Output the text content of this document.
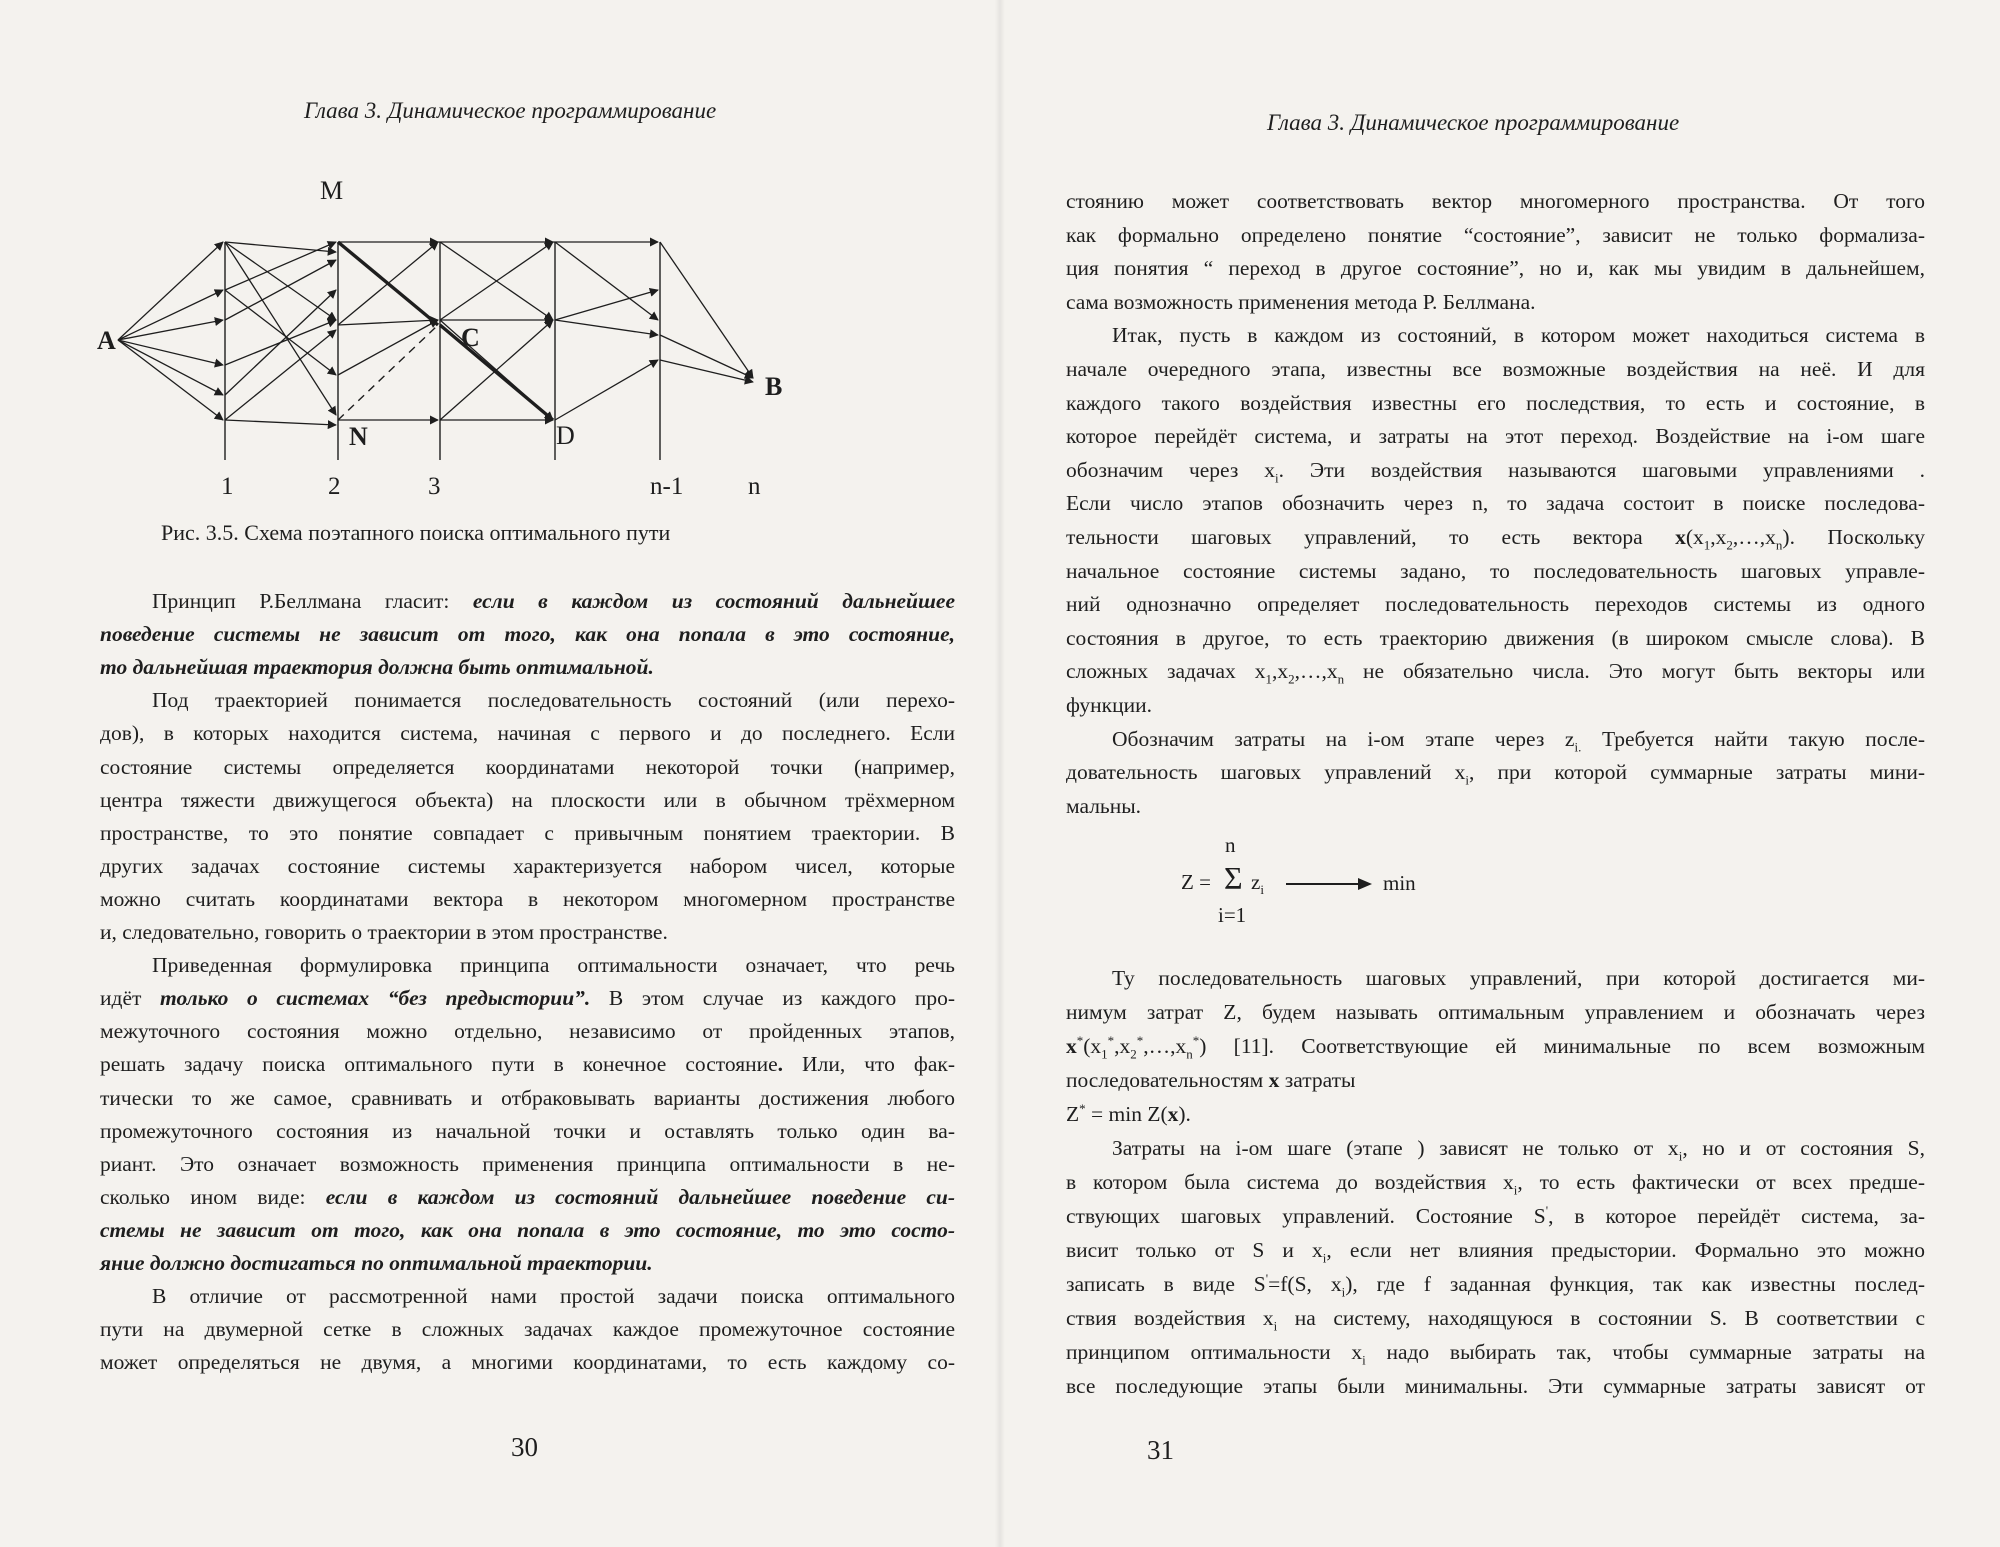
Глава 3. Динамическое программирование
M
A	C
B
N	D
1	2	3	n-1	n
Рис. 3.5. Схема поэтапного поиска оптимального пути
Принцип Р.Беллмана гласит: если в каждом из состояний дальнейшее
поведение системы не зависит от того, как она попала в это состояние,
то дальнейшая траектория должна быть оптимальной.
Под траекторией понимается последовательность состояний (или перехо-
дов), в которых находится система, начиная с первого и до последнего. Если
состояние системы определяется координатами некоторой точки (например,
центра тяжести движущегося объекта) на плоскости или в обычном трёхмерном
пространстве, то это понятие совпадает с привычным понятием траектории. В
других задачах состояние системы характеризуется набором чисел, которые
можно считать координатами вектора в некотором многомерном пространстве
и, следовательно, говорить о траектории в этом пространстве.
Приведенная формулировка принципа оптимальности означает, что речь
идёт только о системах “без предыстории”. В этом случае из каждого про-
межуточного состояния можно отдельно, независимо от пройденных этапов,
решать задачу поиска оптимального пути в конечное состояние. Или, что фак-
тически то же самое, сравнивать и отбраковывать варианты достижения любого
промежуточного состояния из начальной точки и оставлять только один ва-
риант. Это означает возможность применения принципа оптимальности в не-
сколько ином виде: если в каждом из состояний дальнейшее поведение си-
стемы не зависит от того, как она попала в это состояние, то это состо-
яние должно достигаться по оптимальной траектории.
В отличие от рассмотренной нами простой задачи поиска оптимального
пути на двумерной сетке в сложных задачах каждое промежуточное состояние
может определяться не двумя, а многими координатами, то есть каждому со-
30
Глава 3. Динамическое программирование
стоянию может соответствовать вектор многомерного пространства. От того
как формально определено понятие “состояние”, зависит не только формализа-
ция понятия “ переход в другое состояние”, но и, как мы увидим в дальнейшем,
сама возможность применения метода Р. Беллмана.
Итак, пусть в каждом из состояний, в котором может находиться система в
начале очередного этапа, известны все возможные воздействия на неё. И для
каждого такого воздействия известны его последствия, то есть и состояние, в
которое перейдёт система, и затраты на этот переход. Воздействие на i-ом шаге
обозначим через $x_i$. Эти воздействия называются шаговыми управлениями .
Если число этапов обозначить через n, то задача состоит в поиске последова-
тельности шаговых управлений, то есть вектора $x(x_1,x_2,\dots,x_n)$. Поскольку
начальное состояние системы задано, то последовательность шаговых управле-
ний однозначно определяет последовательность переходов системы из одного
состояния в другое, то есть траекторию движения (в широком смысле слова). В
сложных задачах $x_1,x_2,\dots,x_n$ не обязательно числа. Это могут быть векторы или
функции.
Обозначим затраты на i-ом этапе через $z_{i.}$ Требуется найти такую после-
довательность шаговых управлений $x_i$, при которой суммарные затраты мини-
мальны.
n
Z = Σ $z_i$	min
i=1
Ту последовательность шаговых управлений, при которой достигается ми-
нимум затрат Z, будем называть оптимальным управлением и обозначать через
$x^*(x_1^*,x_2^*,\dots,x_n^*)$ [11]. Соответствующие ей минимальные по всем возможным
последовательностям x затраты
Z* = min Z(x).
Затраты на i-ом шаге (этапе ) зависят не только от $x_i$, но и от состояния S,
в котором была система до воздействия $x_i$, то есть фактически от всех предше-
ствующих шаговых управлений. Состояние S', в которое перейдёт система, за-
висит только от S и $x_i$, если нет влияния предыстории. Формально это можно
записать в виде S'=f(S, $x_i$), где f заданная функция, так как известны послед-
ствия воздействия $x_i$ на систему, находящуюся в состоянии S. В соответствии с
принципом оптимальности $x_i$ надо выбирать так, чтобы суммарные затраты на
все последующие этапы были минимальны. Эти суммарные затраты зависят от
31
